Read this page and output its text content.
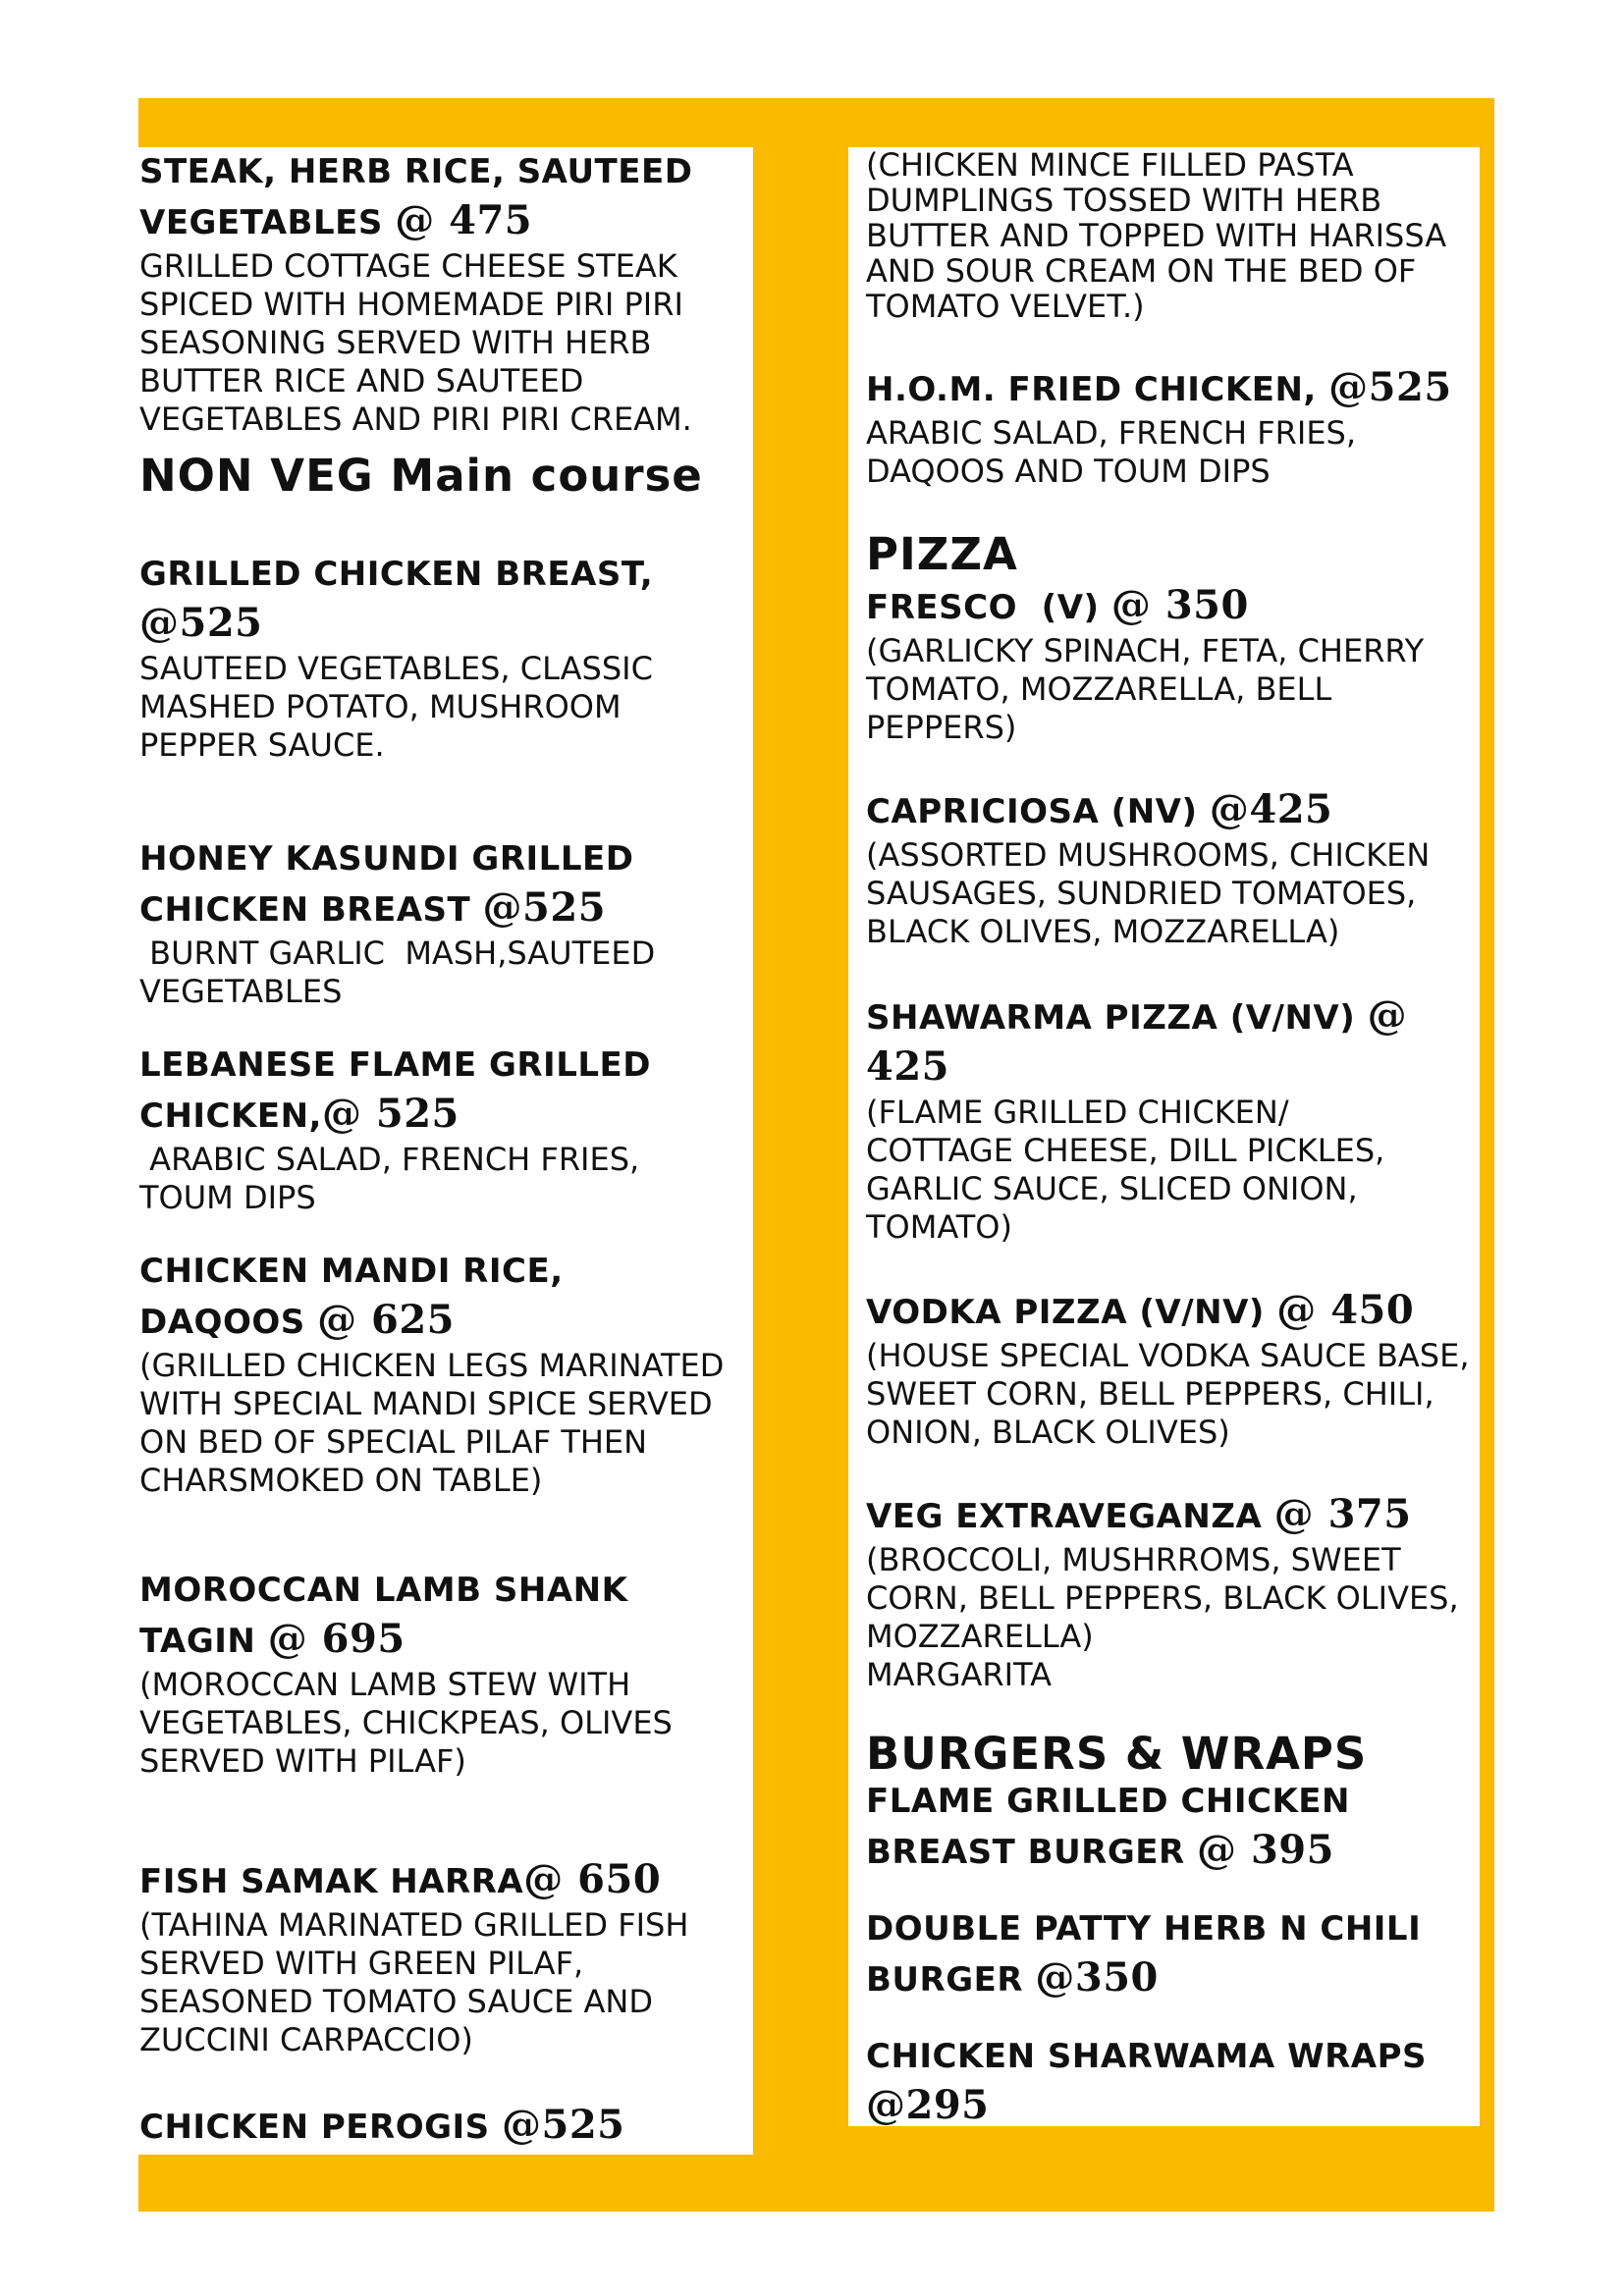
STEAK, HERB RICE, SAUTEED VEGETABLES @ 475

GRILLED COTTAGE CHEESE STEAK SPICED WITH HOMEMADE PIRI PIRI SEASONING SERVED WITH HERB BUTTER RICE AND SAUTEED VEGETABLES AND PIRI PIRI CREAM.

NON VEG Main course

GRILLED CHICKEN BREAST, @525

SAUTEED VEGETABLES, CLASSIC MASHED POTATO, MUSHROOM PEPPER SAUCE.

HONEY KASUNDI GRILLED CHICKEN BREAST @525

BURNT GARLIC  MASH,SAUTEED VEGETABLES

LEBANESE FLAME GRILLED CHICKEN,@ 525

ARABIC SALAD, FRENCH FRIES, TOUM DIPS

CHICKEN MANDI RICE, DAQOOS @ 625

(GRILLED CHICKEN LEGS MARINATED WITH SPECIAL MANDI SPICE SERVED ON BED OF SPECIAL PILAF THEN CHARSMOKED ON TABLE)

MOROCCAN LAMB SHANK TAGIN @ 695

(MOROCCAN LAMB STEW WITH VEGETABLES, CHICKPEAS, OLIVES SERVED WITH PILAF)

FISH SAMAK HARRA@ 650

(TAHINA MARINATED GRILLED FISH SERVED WITH GREEN PILAF, SEASONED TOMATO SAUCE AND ZUCCINI CARPACCIO)

CHICKEN PEROGIS @525

(CHICKEN MINCE FILLED PASTA DUMPLINGS TOSSED WITH HERB BUTTER AND TOPPED WITH HARISSA AND SOUR CREAM ON THE BED OF TOMATO VELVET.)

H.O.M. FRIED CHICKEN, @525

ARABIC SALAD, FRENCH FRIES, DAQOOS AND TOUM DIPS

PIZZA

FRESCO  (V) @ 350

(GARLICKY SPINACH, FETA, CHERRY TOMATO, MOZZARELLA, BELL PEPPERS)

CAPRICIOSA (NV) @425

(ASSORTED MUSHROOMS, CHICKEN SAUSAGES, SUNDRIED TOMATOES, BLACK OLIVES, MOZZARELLA)

SHAWARMA PIZZA (V/NV) @ 425

(FLAME GRILLED CHICKEN/ COTTAGE CHEESE, DILL PICKLES, GARLIC SAUCE, SLICED ONION, TOMATO)

VODKA PIZZA (V/NV) @ 450

(HOUSE SPECIAL VODKA SAUCE BASE, SWEET CORN, BELL PEPPERS, CHILI, ONION, BLACK OLIVES)

VEG EXTRAVEGANZA @ 375

(BROCCOLI, MUSHRROMS, SWEET CORN, BELL PEPPERS, BLACK OLIVES, MOZZARELLA)
MARGARITA

BURGERS & WRAPS

FLAME GRILLED CHICKEN BREAST BURGER @ 395

DOUBLE PATTY HERB N CHILI BURGER @350

CHICKEN SHARWAMA WRAPS @295
